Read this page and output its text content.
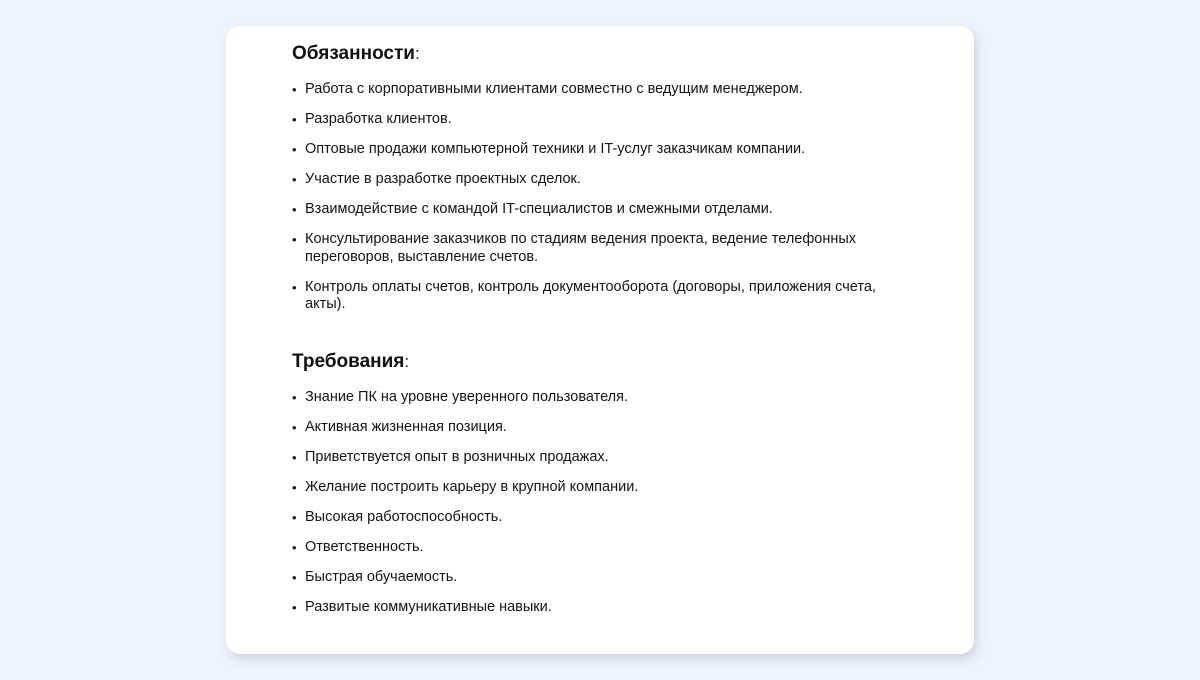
Обязанности:
• Работа с корпоративными клиентами совместно с ведущим менеджером.
• Разработка клиентов.
• Оптовые продажи компьютерной техники и IT-услуг заказчикам компании.
• Участие в разработке проектных сделок.
• Взаимодействие с командой IT-специалистов и смежными отделами.
• Консультирование заказчиков по стадиям ведения проекта, ведение телефонных переговоров, выставление счетов.
• Контроль оплаты счетов, контроль документооборота (договоры, приложения счета, акты).
Требования:
• Знание ПК на уровне уверенного пользователя.
• Активная жизненная позиция.
• Приветствуется опыт в розничных продажах.
• Желание построить карьеру в крупной компании.
• Высокая работоспособность.
• Ответственность.
• Быстрая обучаемость.
• Развитые коммуникативные навыки.
